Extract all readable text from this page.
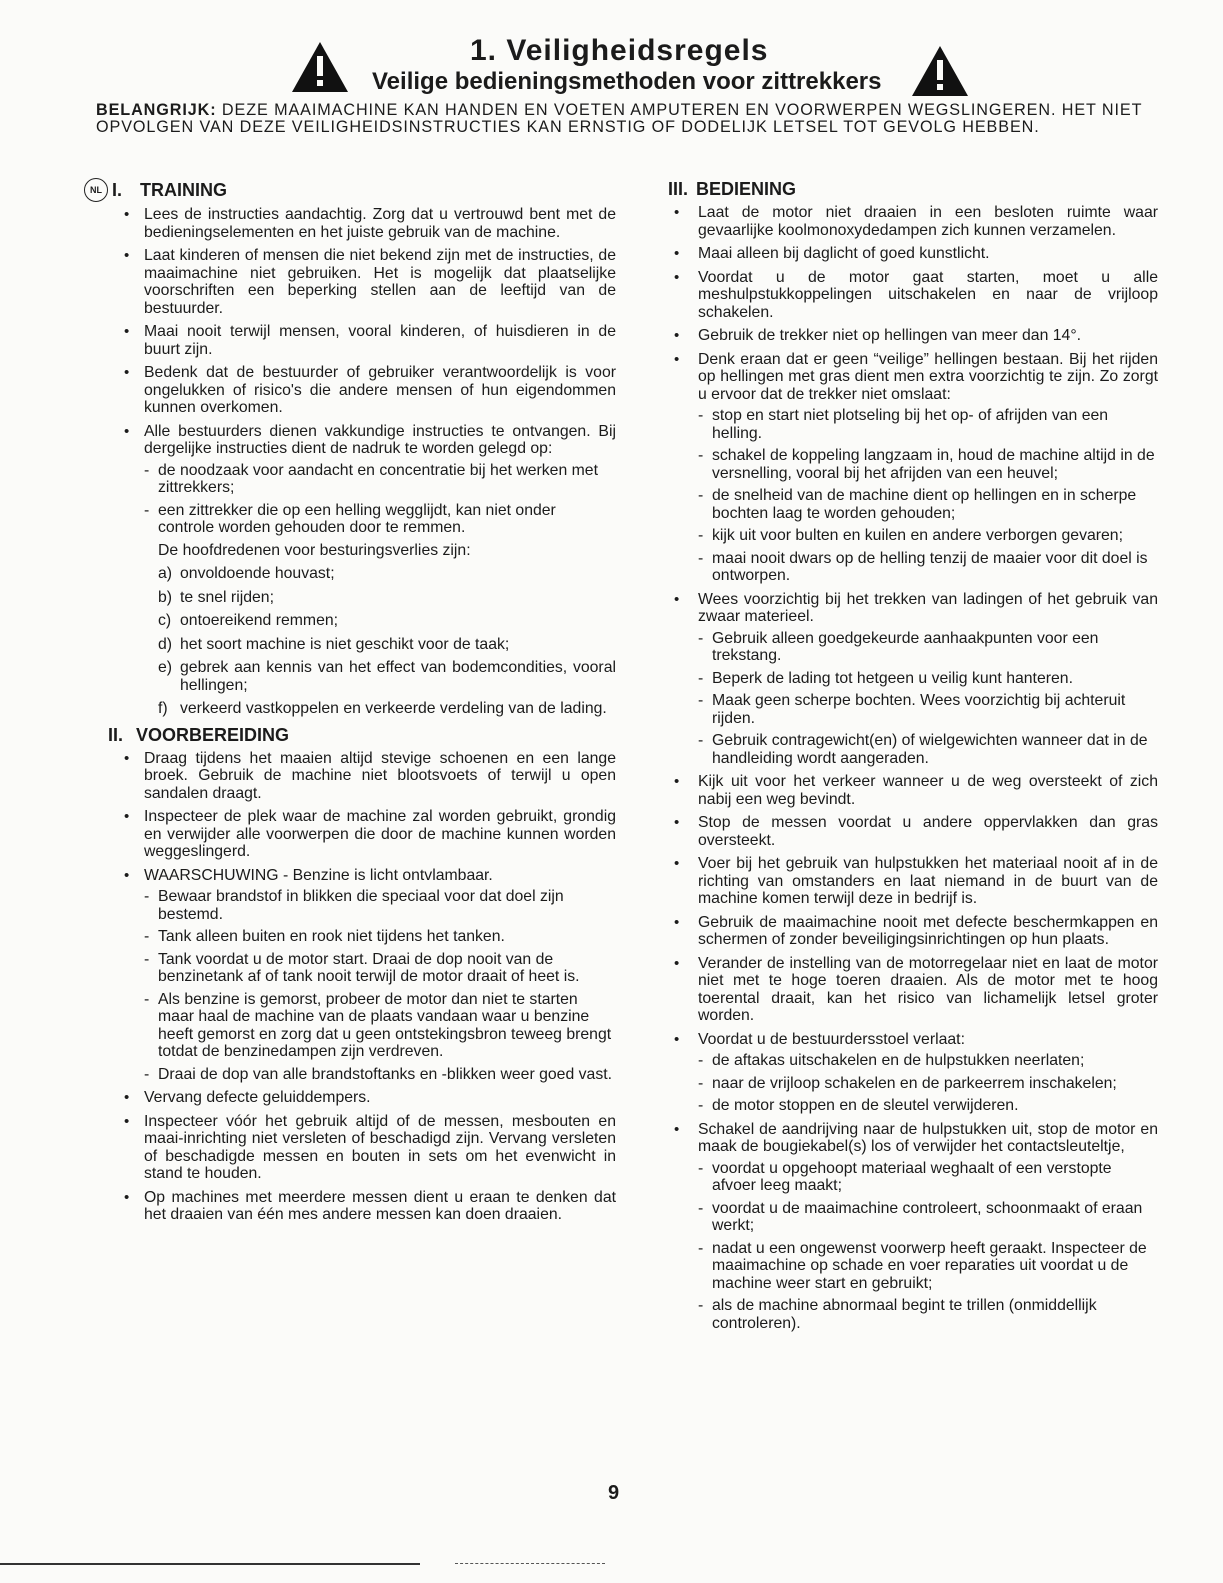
1. Veiligheidsregels
Veilige bedieningsmethoden voor zittrekkers
BELANGRIJK: DEZE MAAIMACHINE KAN HANDEN EN VOETEN AMPUTEREN EN VOORWERPEN WEGSLINGEREN. HET NIET OPVOLGEN VAN DEZE VEILIGHEIDSINSTRUCTIES KAN ERNSTIG OF DODELIJK LETSEL TOT GEVOLG HEBBEN.
NL I. TRAINING
• Lees de instructies aandachtig. Zorg dat u vertrouwd bent met de bedieningselementen en het juiste gebruik van de machine.
• Laat kinderen of mensen die niet bekend zijn met de instructies, de maaimachine niet gebruiken. Het is mogelijk dat plaatselijke voorschriften een beperking stellen aan de leeftijd van de bestuurder.
• Maai nooit terwijl mensen, vooral kinderen, of huisdieren in de buurt zijn.
• Bedenk dat de bestuurder of gebruiker verantwoordelijk is voor ongelukken of risico's die andere mensen of hun eigendommen kunnen overkomen.
• Alle bestuurders dienen vakkundige instructies te ontvangen. Bij dergelijke instructies dient de nadruk te worden gelegd op:
- de noodzaak voor aandacht en concentratie bij het werken met zittrekkers;
- een zittrekker die op een helling wegglijdt, kan niet onder controle worden gehouden door te remmen.
De hoofdredenen voor besturingsverlies zijn:
a) onvoldoende houvast;
b) te snel rijden;
c) ontoereikend remmen;
d) het soort machine is niet geschikt voor de taak;
e) gebrek aan kennis van het effect van bodemcondities, vooral hellingen;
f) verkeerd vastkoppelen en verkeerde verdeling van de lading.
II. VOORBEREIDING
• Draag tijdens het maaien altijd stevige schoenen en een lange broek. Gebruik de machine niet blootsvoets of terwijl u open sandalen draagt.
• Inspecteer de plek waar de machine zal worden gebruikt, grondig en verwijder alle voorwerpen die door de machine kunnen worden weggeslingerd.
• WAARSCHUWING - Benzine is licht ontvlambaar.
- Bewaar brandstof in blikken die speciaal voor dat doel zijn bestemd.
- Tank alleen buiten en rook niet tijdens het tanken.
- Tank voordat u de motor start. Draai de dop nooit van de benzinetank af of tank nooit terwijl de motor draait of heet is.
- Als benzine is gemorst, probeer de motor dan niet te starten maar haal de machine van de plaats vandaan waar u benzine heeft gemorst en zorg dat u geen ontstekingsbron teweeg brengt totdat de benzinedampen zijn verdreven.
- Draai de dop van alle brandstoftanks en -blikken weer goed vast.
• Vervang defecte geluiddempers.
• Inspecteer vóór het gebruik altijd of de messen, mesbouten en maai-inrichting niet versleten of beschadigd zijn. Vervang versleten of beschadigde messen en bouten in sets om het evenwicht in stand te houden.
• Op machines met meerdere messen dient u eraan te denken dat het draaien van één mes andere messen kan doen draaien.
III. BEDIENING
• Laat de motor niet draaien in een besloten ruimte waar gevaarlijke koolmonoxydedampen zich kunnen verzamelen.
• Maai alleen bij daglicht of goed kunstlicht.
• Voordat u de motor gaat starten, moet u alle meshulpstukkoppelingen uitschakelen en naar de vrijloop schakelen.
• Gebruik de trekker niet op hellingen van meer dan 14°.
• Denk eraan dat er geen “veilige” hellingen bestaan. Bij het rijden op hellingen met gras dient men extra voorzichtig te zijn. Zo zorgt u ervoor dat de trekker niet omslaat:
- stop en start niet plotseling bij het op- of afrijden van een helling.
- schakel de koppeling langzaam in, houd de machine altijd in de versnelling, vooral bij het afrijden van een heuvel;
- de snelheid van de machine dient op hellingen en in scherpe bochten laag te worden gehouden;
- kijk uit voor bulten en kuilen en andere verborgen gevaren;
- maai nooit dwars op de helling tenzij de maaier voor dit doel is ontworpen.
• Wees voorzichtig bij het trekken van ladingen of het gebruik van zwaar materieel.
- Gebruik alleen goedgekeurde aanhaakpunten voor een trekstang.
- Beperk de lading tot hetgeen u veilig kunt hanteren.
- Maak geen scherpe bochten. Wees voorzichtig bij achteruit rijden.
- Gebruik contragewicht(en) of wielgewichten wanneer dat in de handleiding wordt aangeraden.
• Kijk uit voor het verkeer wanneer u de weg oversteekt of zich nabij een weg bevindt.
• Stop de messen voordat u andere oppervlakken dan gras oversteekt.
• Voer bij het gebruik van hulpstukken het materiaal nooit af in de richting van omstanders en laat niemand in de buurt van de machine komen terwijl deze in bedrijf is.
• Gebruik de maaimachine nooit met defecte beschermkappen en schermen of zonder beveiligingsinrichtingen op hun plaats.
• Verander de instelling van de motorregelaar niet en laat de motor niet met te hoge toeren draaien. Als de motor met te hoog toerental draait, kan het risico van lichamelijk letsel groter worden.
• Voordat u de bestuurdersstoel verlaat:
- de aftakas uitschakelen en de hulpstukken neerlaten;
- naar de vrijloop schakelen en de parkeerrem inschakelen;
- de motor stoppen en de sleutel verwijderen.
• Schakel de aandrijving naar de hulpstukken uit, stop de motor en maak de bougiekabel(s) los of verwijder het contactsleuteltje,
- voordat u opgehoopt materiaal weghaalt of een verstopte afvoer leeg maakt;
- voordat u de maaimachine controleert, schoonmaakt of eraan werkt;
- nadat u een ongewenst voorwerp heeft geraakt. Inspecteer de maaimachine op schade en voer reparaties uit voordat u de machine weer start en gebruikt;
- als de machine abnormaal begint te trillen (onmiddellijk controleren).
9
